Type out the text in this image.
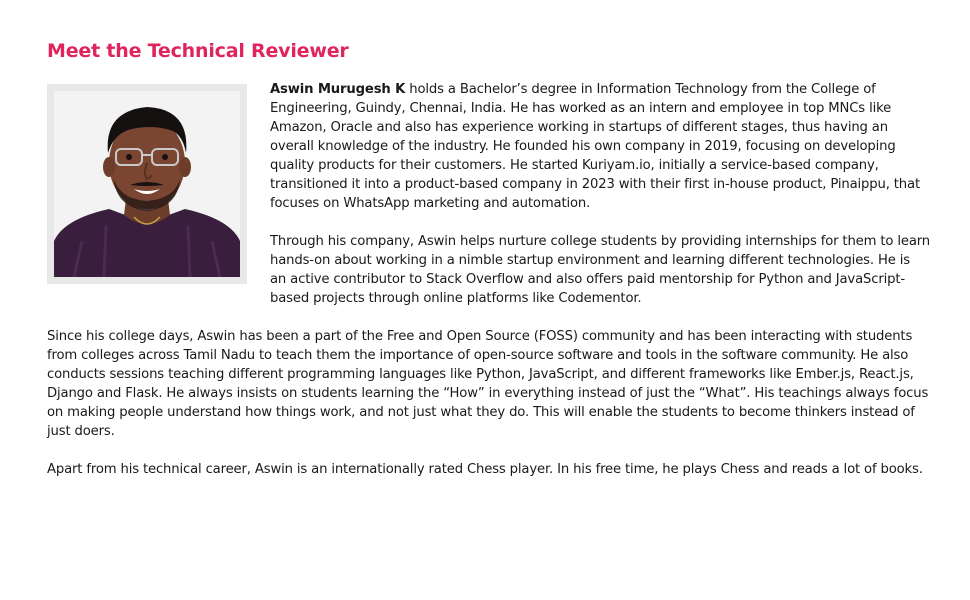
Meet the Technical Reviewer

Aswin Murugesh K holds a Bachelor’s degree in Information Technology from the College of Engineering, Guindy, Chennai, India. He has worked as an intern and employee in top MNCs like Amazon, Oracle and also has experience working in startups of different stages, thus having an overall knowledge of the industry. He founded his own company in 2019, focusing on developing quality products for their customers. He started Kuriyam.io, initially a service-based company, transitioned it into a product-based company in 2023 with their first in-house product, Pinaippu, that focuses on WhatsApp marketing and automation.

Through his company, Aswin helps nurture college students by providing internships for them to learn hands-on about working in a nimble startup environment and learning different technologies. He is an active contributor to Stack Overflow and also offers paid mentorship for Python and JavaScript-based projects through online platforms like Codementor.

Since his college days, Aswin has been a part of the Free and Open Source (FOSS) community and has been interacting with students from colleges across Tamil Nadu to teach them the importance of open-source software and tools in the software community. He also conducts sessions teaching different programming languages like Python, JavaScript, and different frameworks like Ember.js, React.js, Django and Flask. He always insists on students learning the “How” in everything instead of just the “What”. His teachings always focus on making people understand how things work, and not just what they do. This will enable the students to become thinkers instead of just doers.

Apart from his technical career, Aswin is an internationally rated Chess player. In his free time, he plays Chess and reads a lot of books.
